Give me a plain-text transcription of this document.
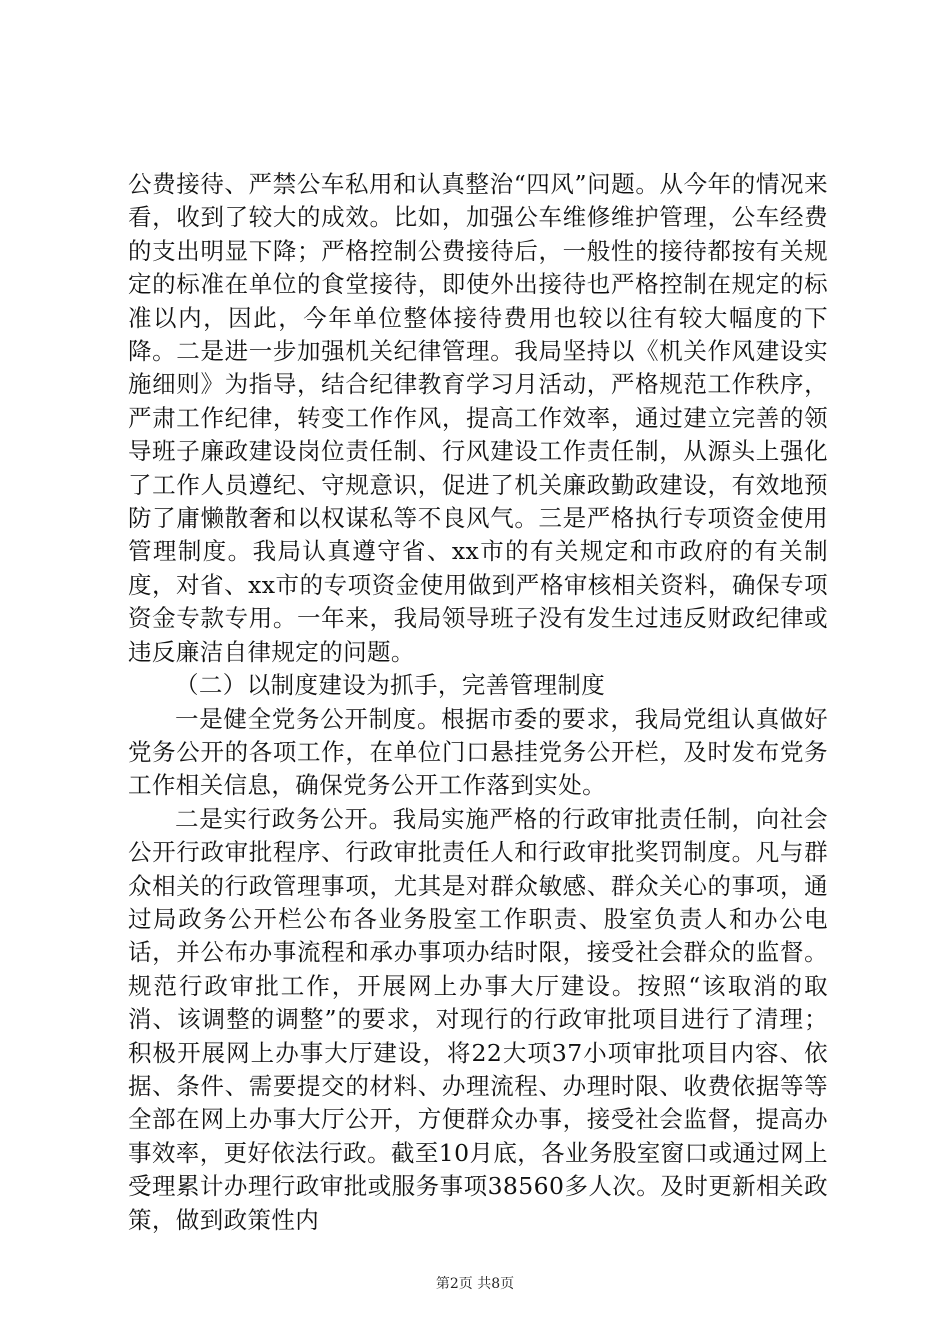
公费接待、严禁公车私用和认真整治“四风”问题。从今年的情况来看，收到了较大的成效。比如，加强公车维修维护管理，公车经费的支出明显下降；严格控制公费接待后，一般性的接待都按有关规定的标准在单位的食堂接待，即使外出接待也严格控制在规定的标准以内，因此，今年单位整体接待费用也较以往有较大幅度的下降。二是进一步加强机关纪律管理。我局坚持以《机关作风建设实施细则》为指导，结合纪律教育学习月活动，严格规范工作秩序，严肃工作纪律，转变工作作风，提高工作效率，通过建立完善的领导班子廉政建设岗位责任制、行风建设工作责任制，从源头上强化了工作人员遵纪、守规意识，促进了机关廉政勤政建设，有效地预防了庸懒散奢和以权谋私等不良风气。三是严格执行专项资金使用管理制度。我局认真遵守省、xx市的有关规定和市政府的有关制度，对省、xx市的专项资金使用做到严格审核相关资料，确保专项资金专款专用。一年来，我局领导班子没有发生过违反财政纪律或违反廉洁自律规定的问题。

（二）以制度建设为抓手，完善管理制度

一是健全党务公开制度。根据市委的要求，我局党组认真做好党务公开的各项工作，在单位门口悬挂党务公开栏，及时发布党务工作相关信息，确保党务公开工作落到实处。

二是实行政务公开。我局实施严格的行政审批责任制，向社会公开行政审批程序、行政审批责任人和行政审批奖罚制度。凡与群众相关的行政管理事项，尤其是对群众敏感、群众关心的事项，通过局政务公开栏公布各业务股室工作职责、股室负责人和办公电话，并公布办事流程和承办事项办结时限，接受社会群众的监督。规范行政审批工作，开展网上办事大厅建设。按照“该取消的取消、该调整的调整”的要求，对现行的行政审批项目进行了清理；积极开展网上办事大厅建设，将22大项37小项审批项目内容、依据、条件、需要提交的材料、办理流程、办理时限、收费依据等等全部在网上办事大厅公开，方便群众办事，接受社会监督，提高办事效率，更好依法行政。截至10月底，各业务股室窗口或通过网上受理累计办理行政审批或服务事项38560多人次。及时更新相关政策，做到政策性内

第2页 共8页
